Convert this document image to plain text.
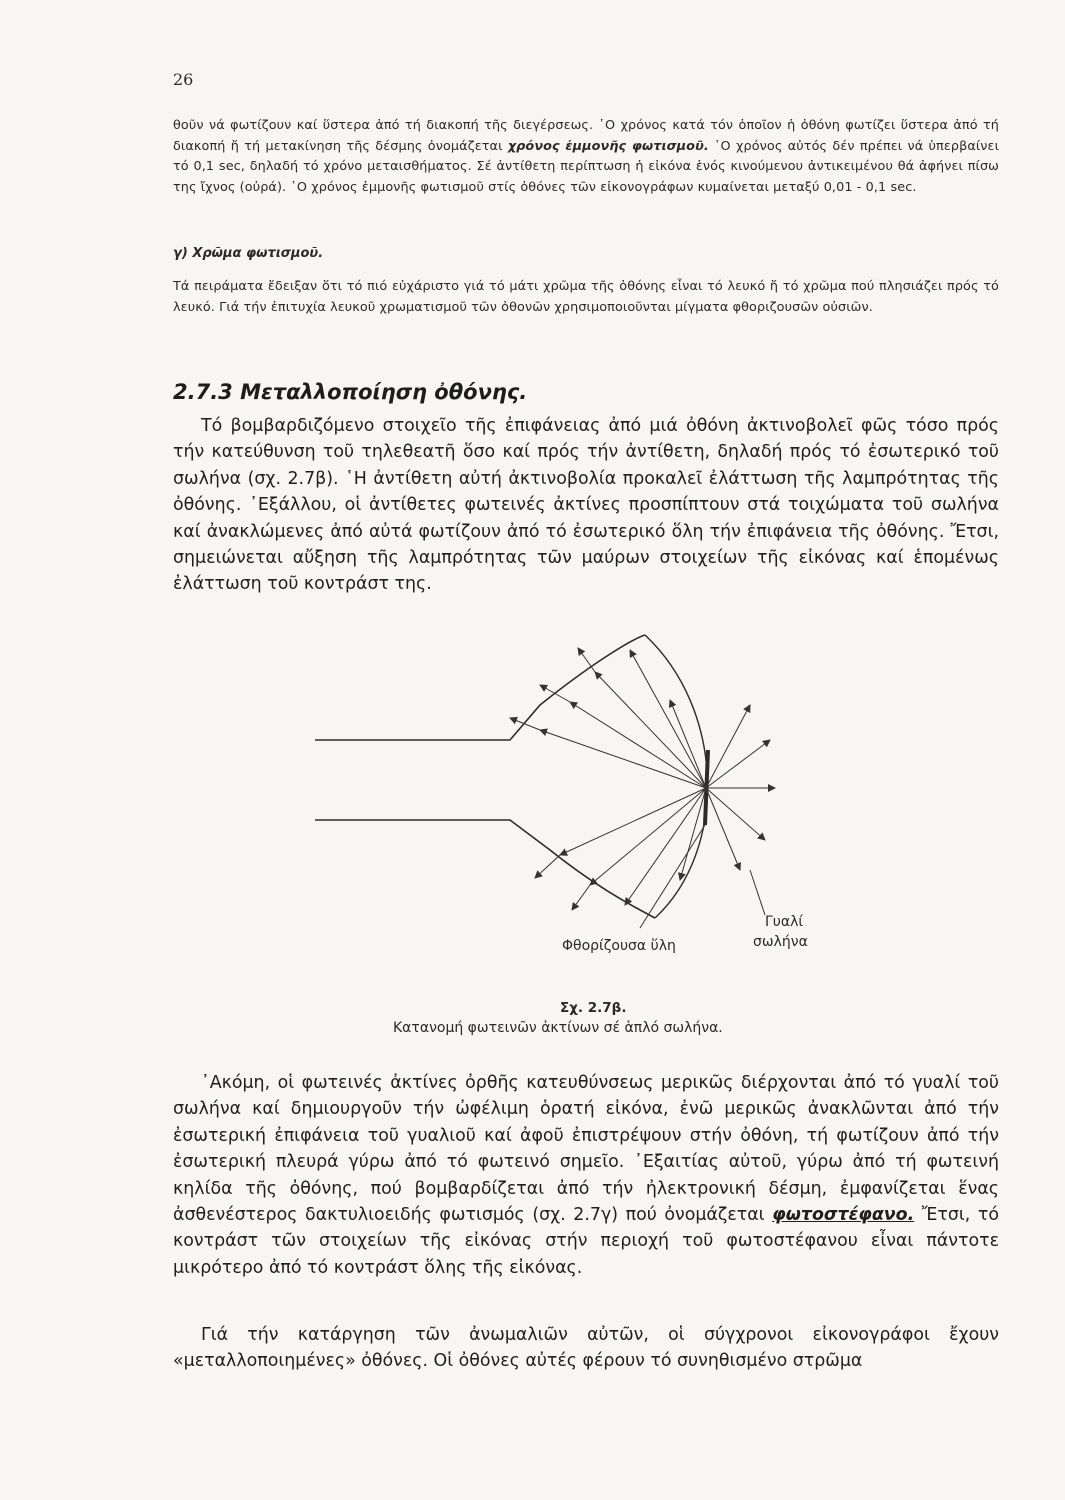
26

θοῦν νά φωτίζουν καί ὕστερα ἀπό τή διακοπή τῆς διεγέρσεως. ῾Ο χρόνος κατά τόν ὁποῖον ἡ ὀθόνη φωτίζει ὕστερα ἀπό τή διακοπή ἤ τή μετακίνηση τῆς δέσμης ὀνομάζεται χρόνος ἐμμονῆς φωτισμοῦ. ῾Ο χρόνος αὐτός δέν πρέπει νά ὑπερβαίνει τό 0,1 sec, δηλαδή τό χρόνο μεταισθήματος. Σέ ἀντίθετη περίπτωση ἡ εἰκόνα ἑνός κινούμενου ἀντικειμένου θά ἀφήνει πίσω της ἴχνος (οὐρά). ῾Ο χρόνος ἐμμονῆς φωτισμοῦ στίς ὀθόνες τῶν εἰκονογράφων κυμαίνεται μεταξύ 0,01 - 0,1 sec.

γ) Χρῶμα φωτισμοῦ.

Τά πειράματα ἔδειξαν ὅτι τό πιό εὐχάριστο γιά τό μάτι χρῶμα τῆς ὀθόνης εἶναι τό λευκό ἤ τό χρῶμα πού πλησιάζει πρός τό λευκό. Γιά τήν ἐπιτυχία λευκοῦ χρωματισμοῦ τῶν ὀθονῶν χρησιμοποιοῦνται μίγματα φθοριζουσῶν οὐσιῶν.

2.7.3 Μεταλλοποίηση ὀθόνης.

Τό βομβαρδιζόμενο στοιχεῖο τῆς ἐπιφάνειας ἀπό μιά ὀθόνη ἀκτινοβολεῖ φῶς τόσο πρός τήν κατεύθυνση τοῦ τηλεθεατῆ ὅσο καί πρός τήν ἀντίθετη, δηλαδή πρός τό ἐσωτερικό τοῦ σωλήνα (σχ. 2.7β). ῾Η ἀντίθετη αὐτή ἀκτινοβολία προκαλεῖ ἐλάττωση τῆς λαμπρότητας τῆς ὀθόνης. ᾿Εξάλλου, οἱ ἀντίθετες φωτεινές ἀκτίνες προσπίπτουν στά τοιχώματα τοῦ σωλήνα καί ἀνακλώμενες ἀπό αὐτά φωτίζουν ἀπό τό ἐσωτερικό ὅλη τήν ἐπιφάνεια τῆς ὀθόνης. Ἔτσι, σημειώνεται αὔξηση τῆς λαμπρότητας τῶν μαύρων στοιχείων τῆς εἰκόνας καί ἑπομένως ἐλάττωση τοῦ κοντράστ της.

Φθορίζουσα ὕλη
Γυαλί
σωλήνα
Σχ. 2.7β.
Κατανομή φωτεινῶν ἀκτίνων σέ ἁπλό σωλήνα.

᾿Ακόμη, οἱ φωτεινές ἀκτίνες ὀρθῆς κατευθύνσεως μερικῶς διέρχονται ἀπό τό γυαλί τοῦ σωλήνα καί δημιουργοῦν τήν ὠφέλιμη ὁρατή εἰκόνα, ἐνῶ μερικῶς ἀνακλῶνται ἀπό τήν ἐσωτερική ἐπιφάνεια τοῦ γυαλιοῦ καί ἀφοῦ ἐπιστρέψουν στήν ὀθόνη, τή φωτίζουν ἀπό τήν ἐσωτερική πλευρά γύρω ἀπό τό φωτεινό σημεῖο. ᾿Εξαιτίας αὐτοῦ, γύρω ἀπό τή φωτεινή κηλίδα τῆς ὀθόνης, πού βομβαρδίζεται ἀπό τήν ἠλεκτρονική δέσμη, ἐμφανίζεται ἕνας ἀσθενέστερος δακτυλιοειδής φωτισμός (σχ. 2.7γ) πού ὀνομάζεται φωτοστέφανο. Ἔτσι, τό κοντράστ τῶν στοιχείων τῆς εἰκόνας στήν περιοχή τοῦ φωτοστέφανου εἶναι πάντοτε μικρότερο ἀπό τό κοντράστ ὅλης τῆς εἰκόνας.

Γιά τήν κατάργηση τῶν ἀνωμαλιῶν αὐτῶν, οἱ σύγχρονοι εἰκονογράφοι ἔχουν «μεταλλοποιημένες» ὀθόνες. Οἱ ὀθόνες αὐτές φέρουν τό συνηθισμένο στρῶμα
